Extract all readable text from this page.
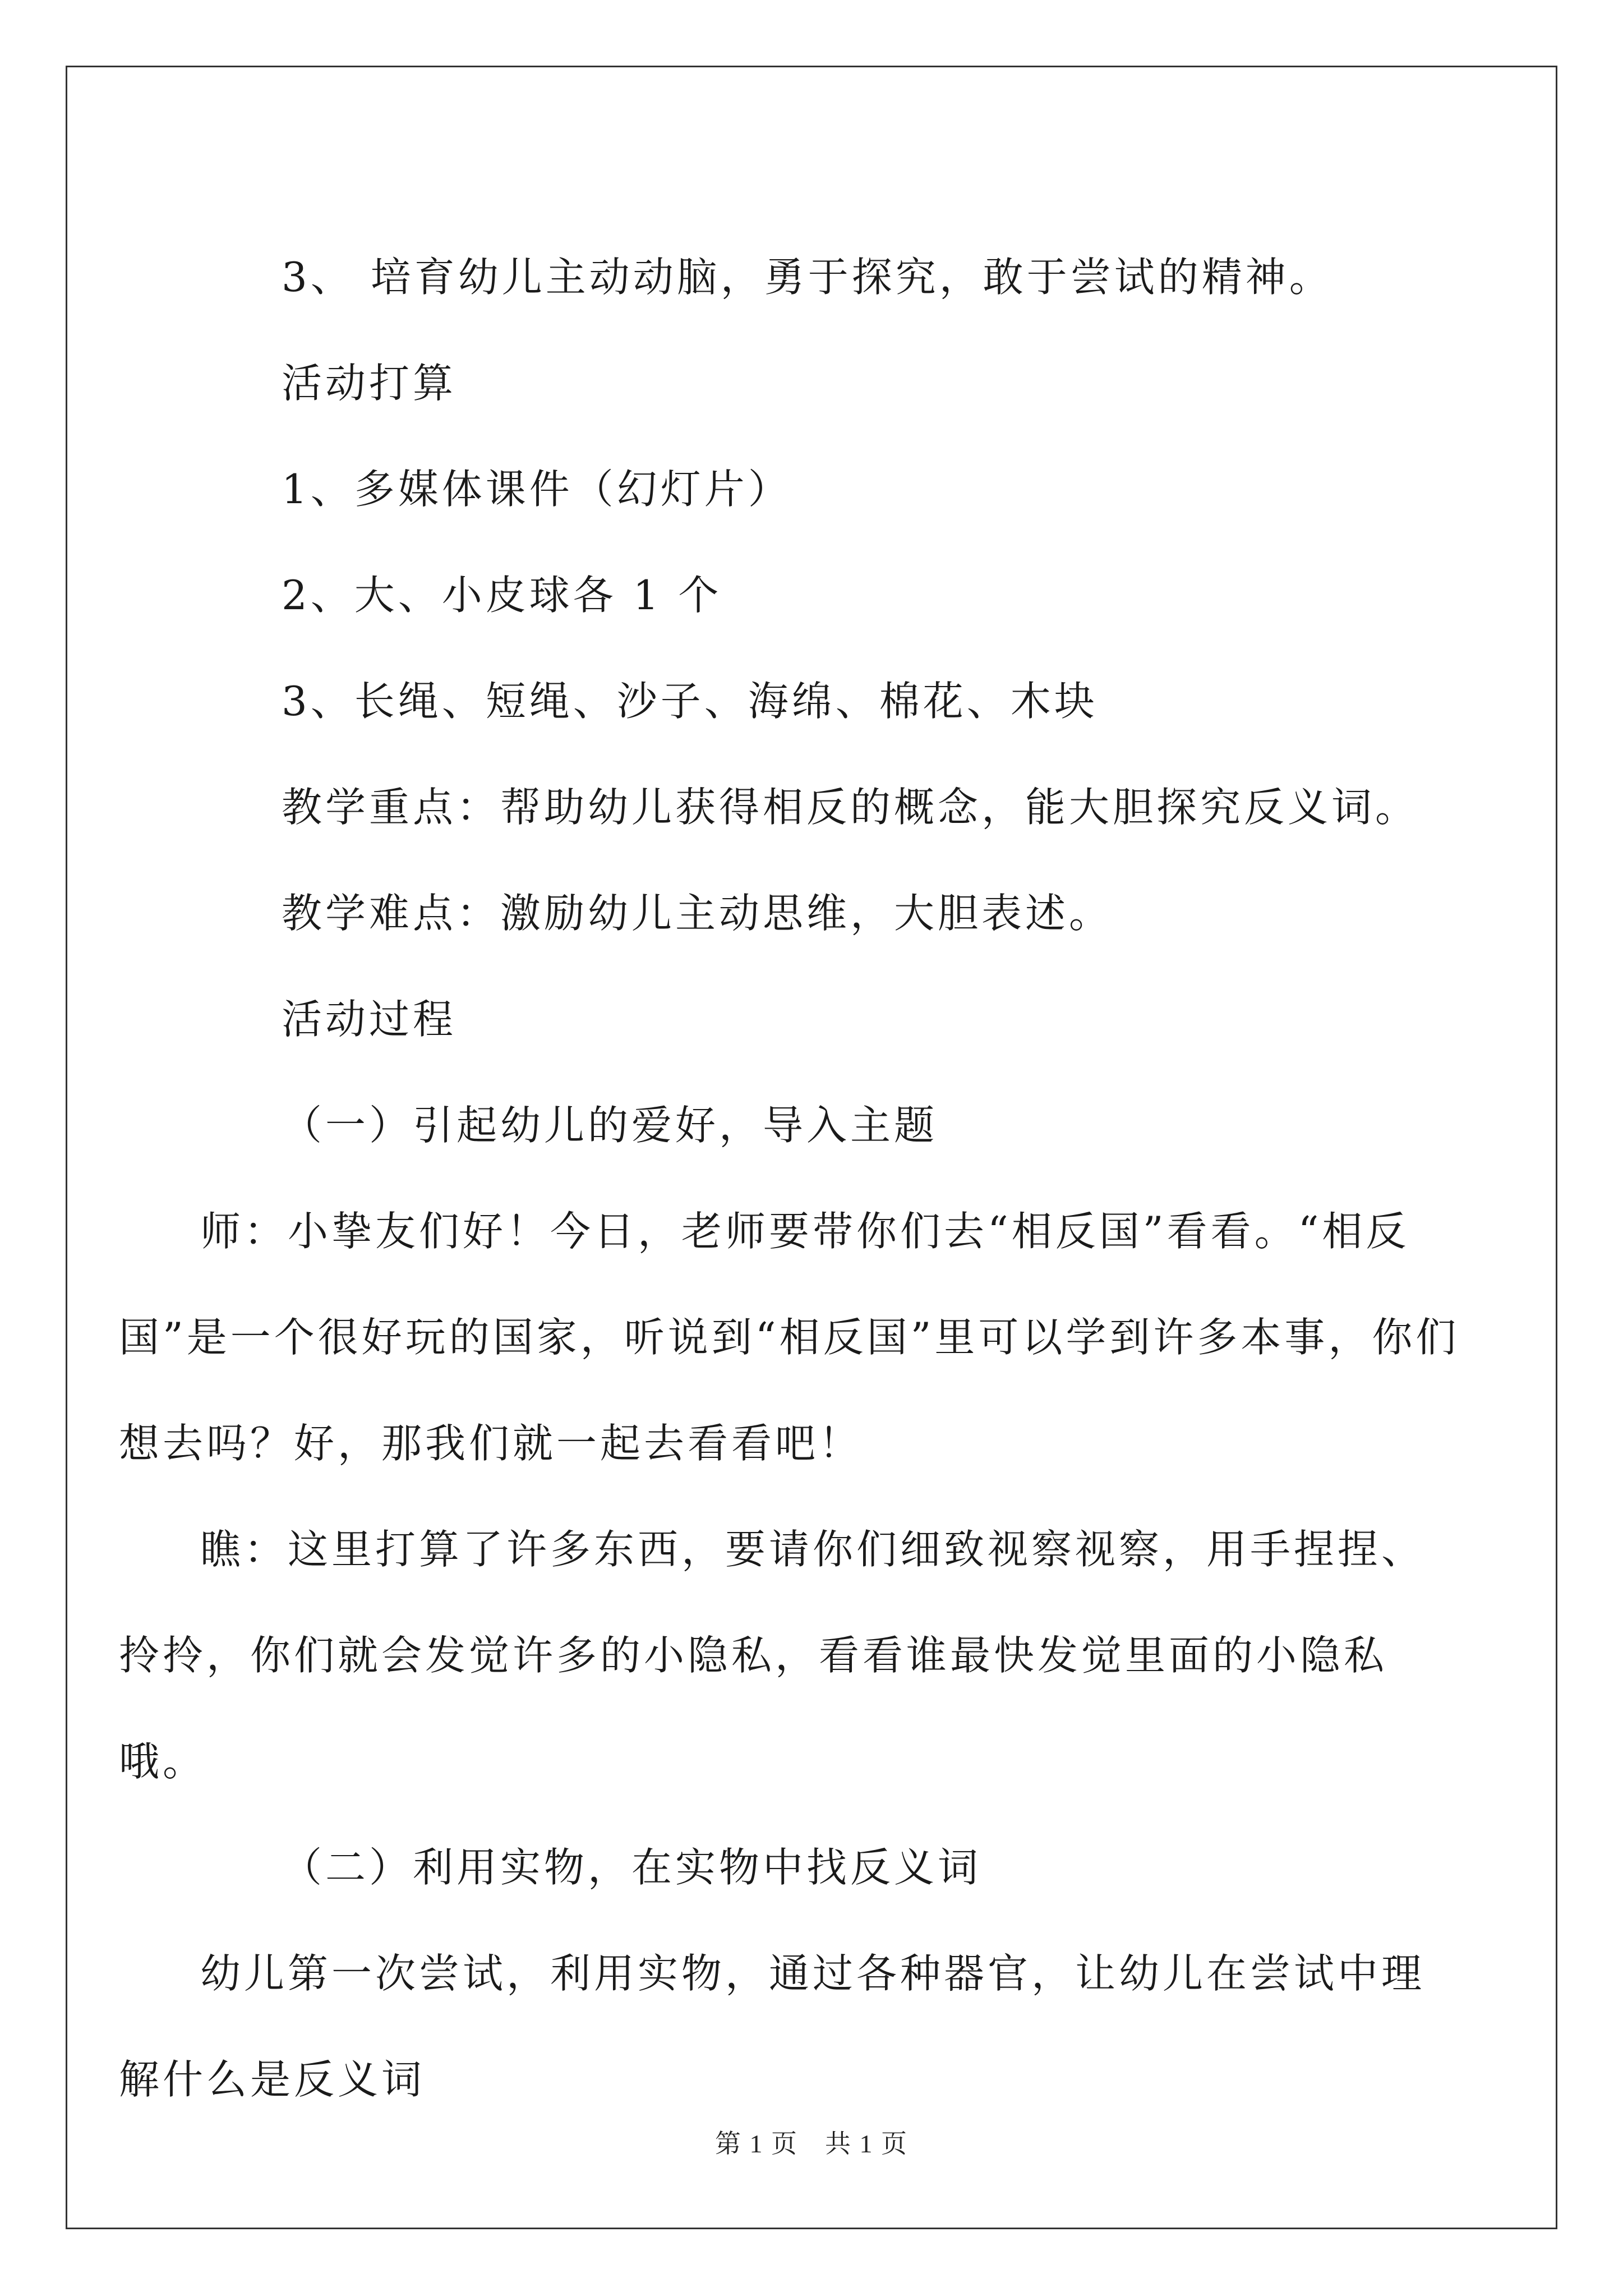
3、 培育幼儿主动动脑，勇于探究，敢于尝试的精神。

活动打算

1、多媒体课件（幻灯片）

2、大、小皮球各 1 个

3、长绳、短绳、沙子、海绵、棉花、木块

教学重点：帮助幼儿获得相反的概念，能大胆探究反义词。

教学难点：激励幼儿主动思维，大胆表述。

活动过程

（一）引起幼儿的爱好，导入主题

师：小挚友们好！今日，老师要带你们去“相反国”看看。“相反国”是一个很好玩的国家，听说到“相反国”里可以学到许多本事，你们想去吗？好，那我们就一起去看看吧！

瞧：这里打算了许多东西，要请你们细致视察视察，用手捏捏、拎拎，你们就会发觉许多的小隐私，看看谁最快发觉里面的小隐私哦。

（二）利用实物，在实物中找反义词

幼儿第一次尝试，利用实物，通过各种器官，让幼儿在尝试中理解什么是反义词

第 1 页　共 1 页
